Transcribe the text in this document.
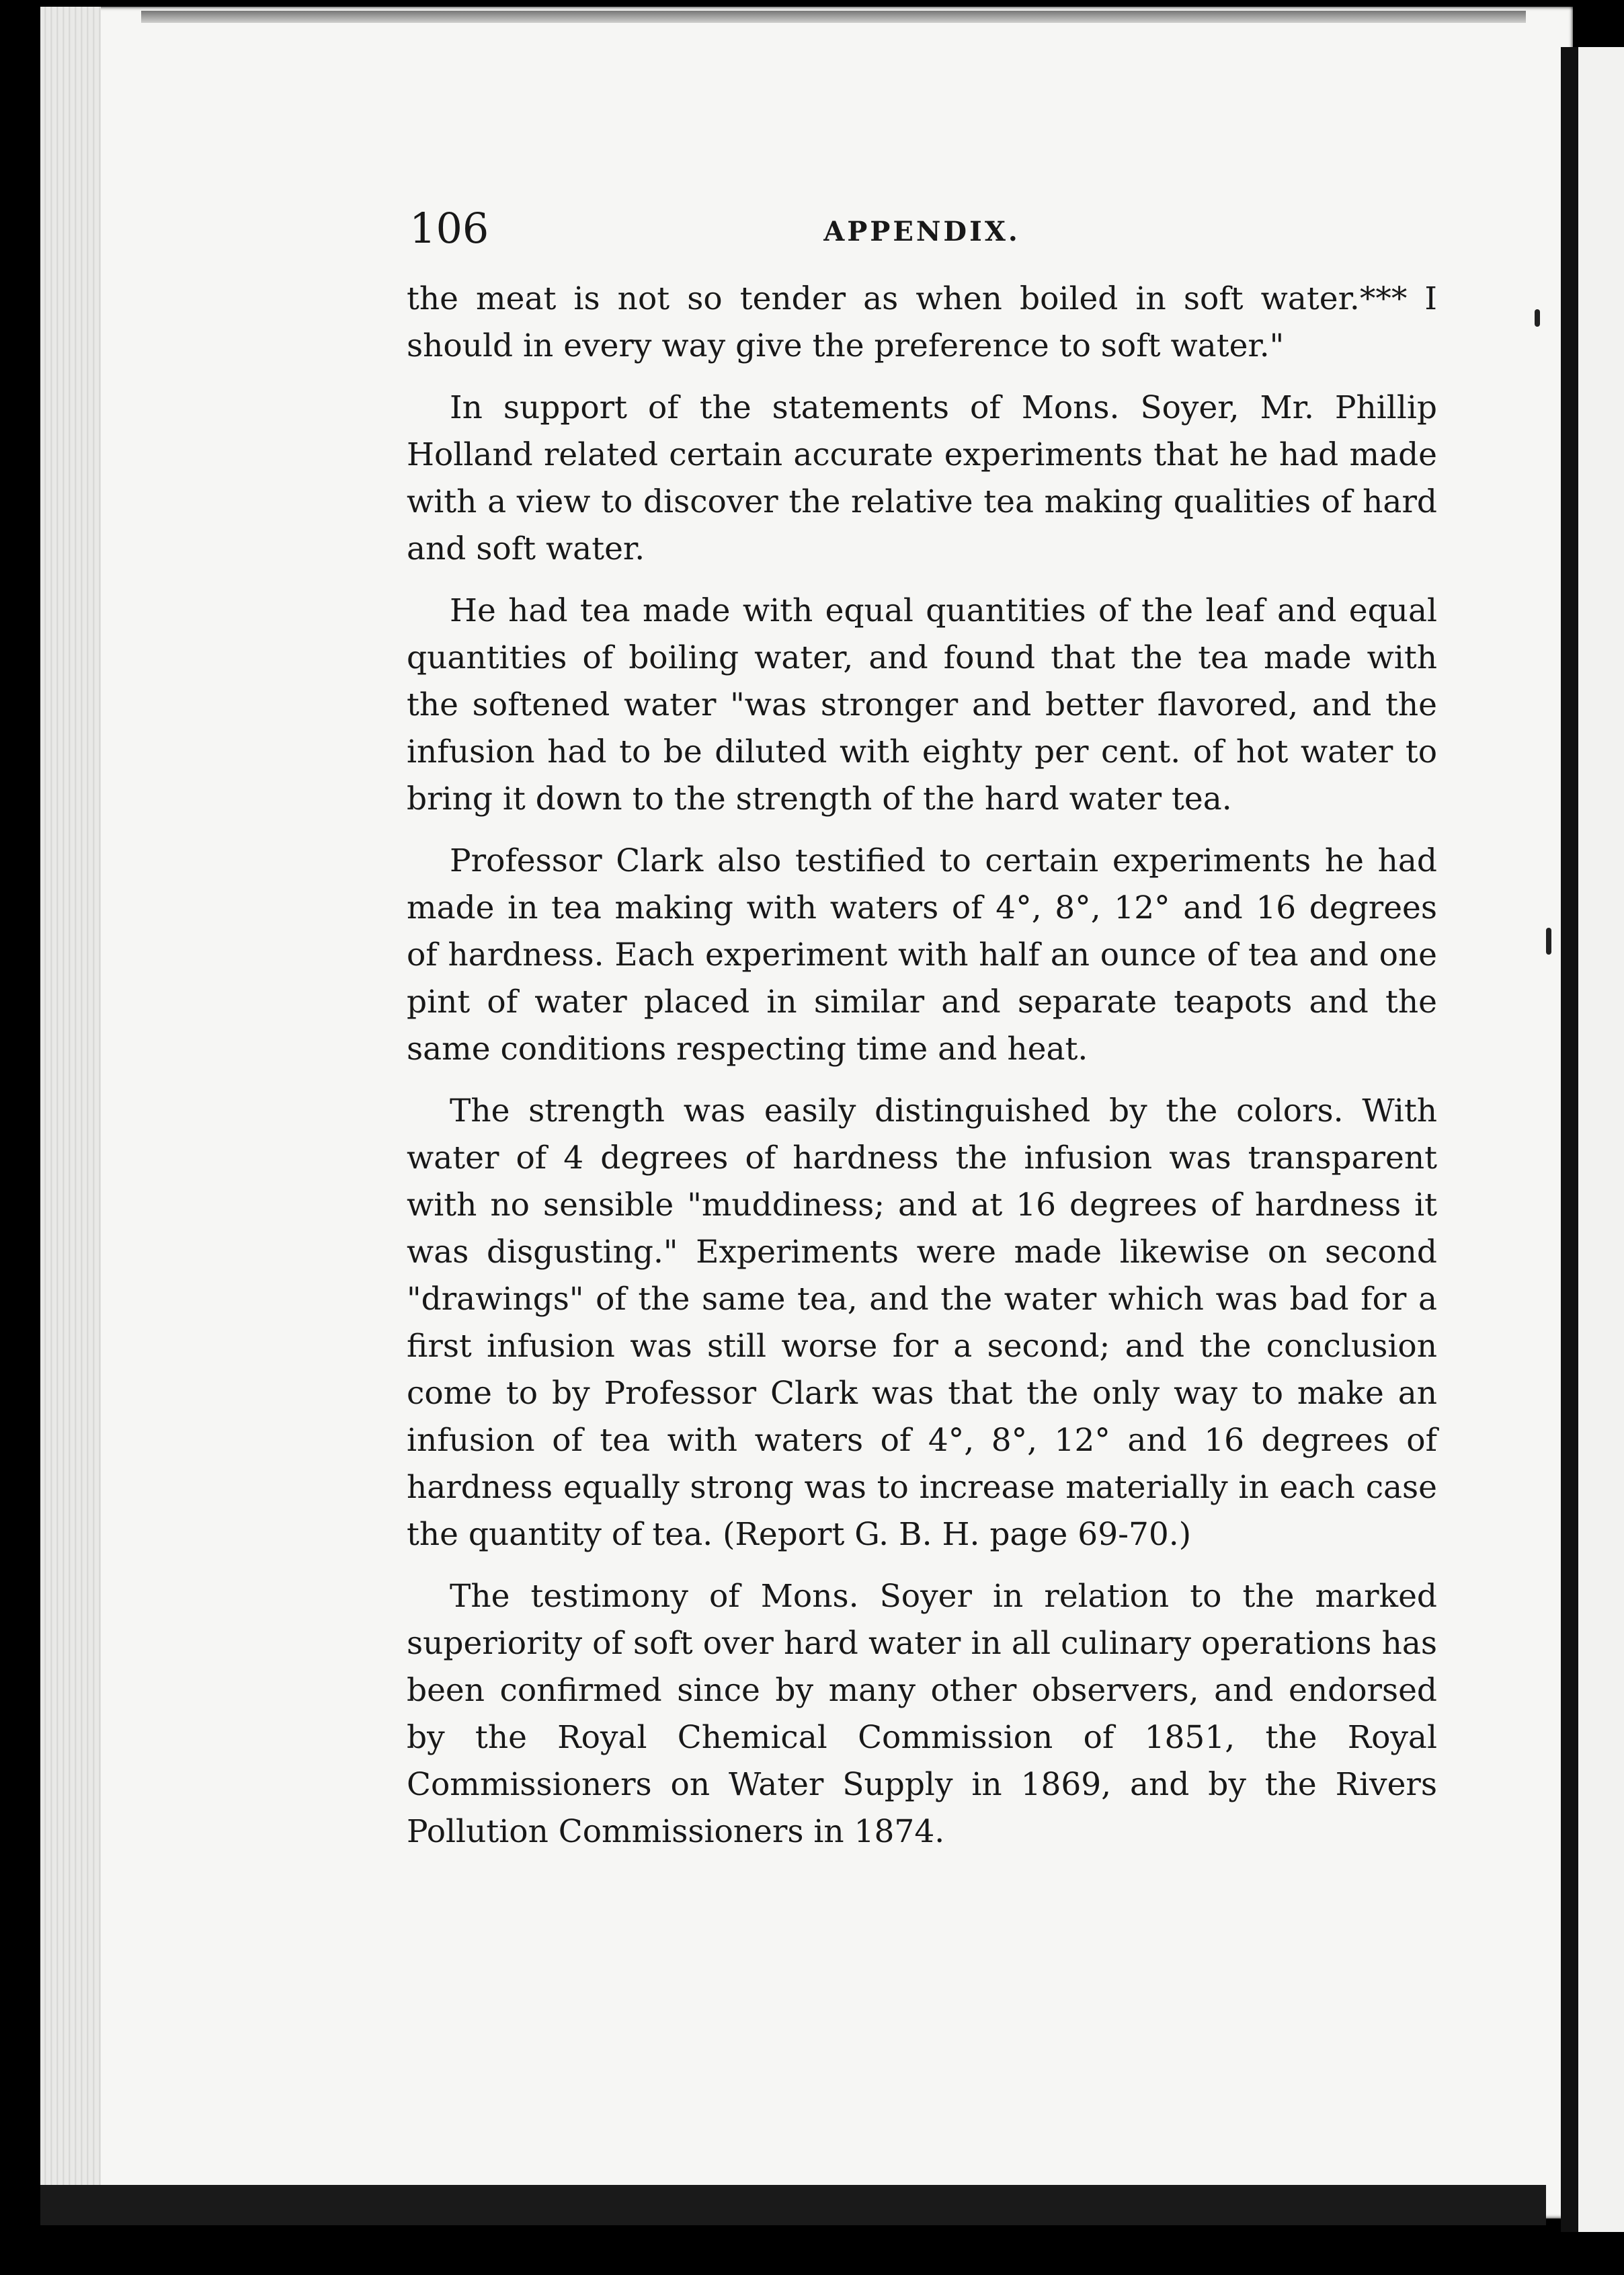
106	APPENDIX.

the meat is not so tender as when boiled in soft water.*** I should in every way give the preference to soft water."

In support of the statements of Mons. Soyer, Mr. Phillip Holland related certain accurate experiments that he had made with a view to discover the relative tea making qualities of hard and soft water.

He had tea made with equal quantities of the leaf and equal quantities of boiling water, and found that the tea made with the softened water "was stronger and better flavored, and the infusion had to be diluted with eighty per cent. of hot water to bring it down to the strength of the hard water tea.

Professor Clark also testified to certain experiments he had made in tea making with waters of 4°, 8°, 12° and 16 degrees of hardness. Each experiment with half an ounce of tea and one pint of water placed in similar and separate teapots and the same conditions respecting time and heat.

The strength was easily distinguished by the colors. With water of 4 degrees of hardness the infusion was transparent with no sensible "muddiness; and at 16 degrees of hardness it was disgusting." Experiments were made likewise on second "drawings" of the same tea, and the water which was bad for a first infusion was still worse for a second; and the conclusion come to by Professor Clark was that the only way to make an infusion of tea with waters of 4°, 8°, 12° and 16 degrees of hardness equally strong was to increase materially in each case the quantity of tea. (Report G. B. H. page 69-70.)

The testimony of Mons. Soyer in relation to the marked superiority of soft over hard water in all culinary operations has been confirmed since by many other observers, and endorsed by the Royal Chemical Commission of 1851, the Royal Commissioners on Water Supply in 1869, and by the Rivers Pollution Commissioners in 1874.
